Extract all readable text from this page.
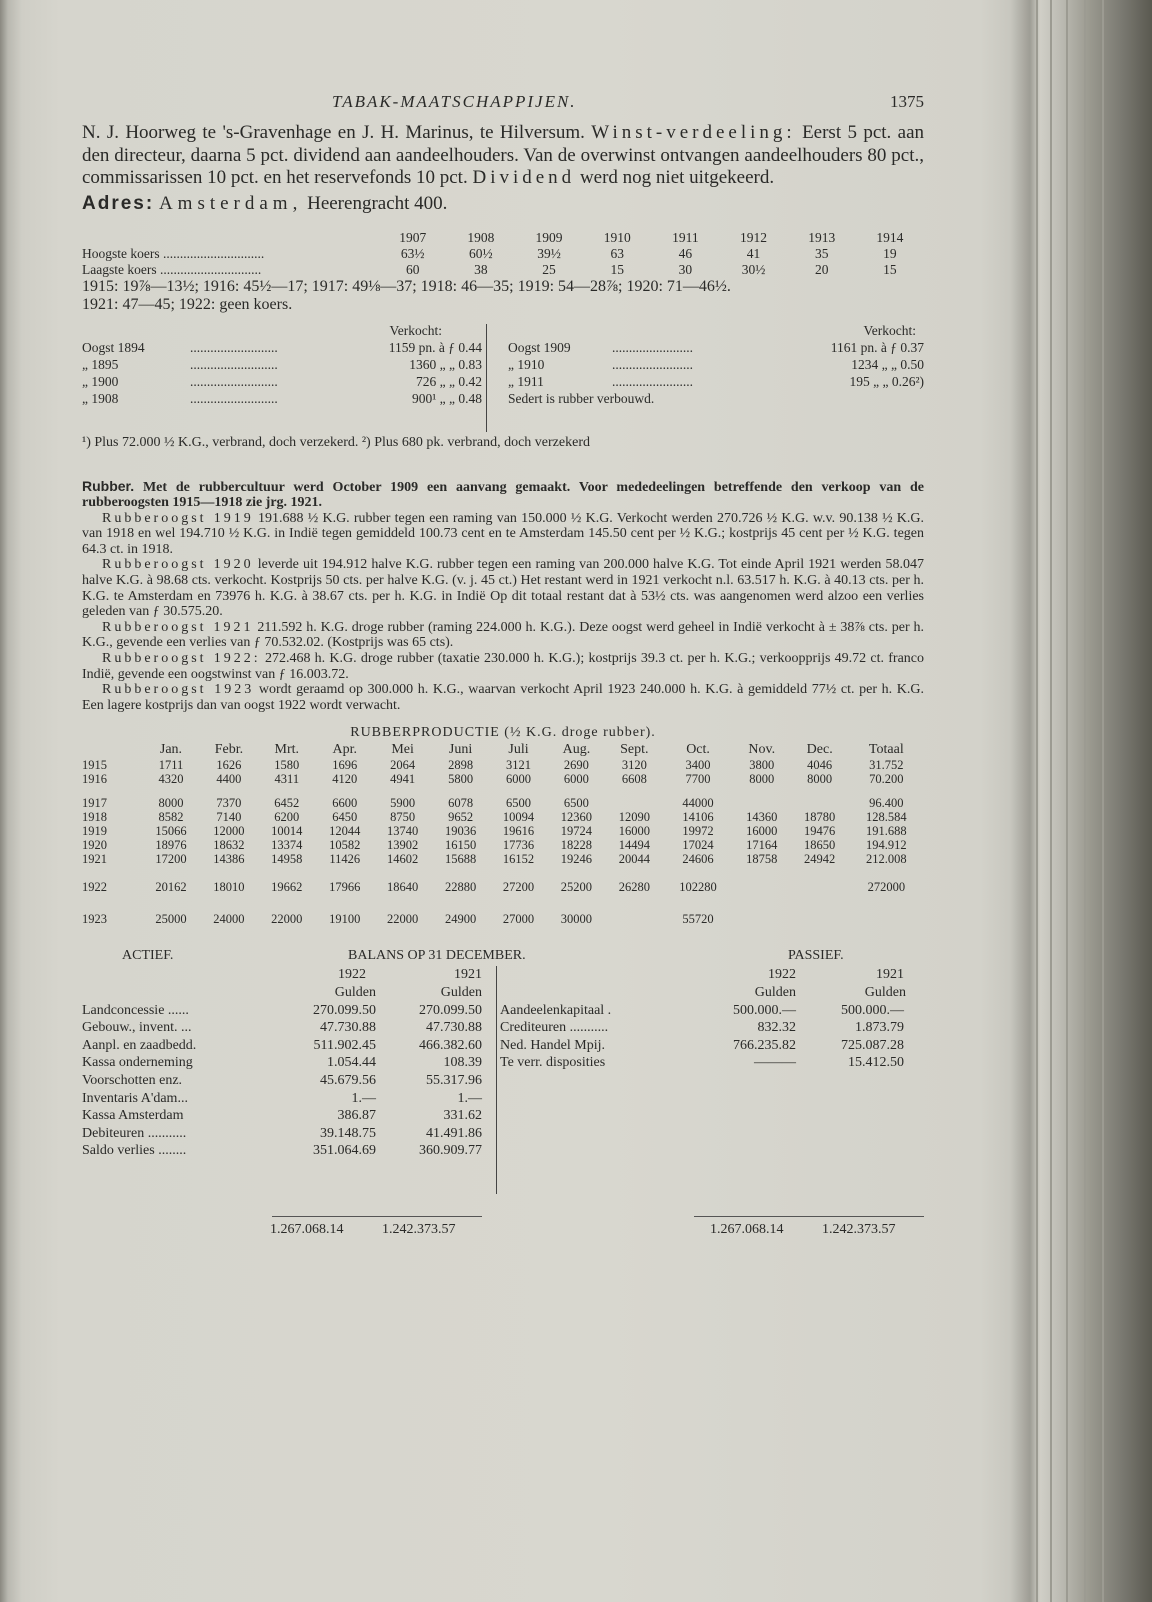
TABAK-MAATSCHAPPIJEN.	1375

N. J. Hoorweg te 's-Gravenhage en J. H. Marinus, te Hilversum. Winst-verdeeling: Eerst 5 pct. aan den directeur, daarna 5 pct. dividend aan aandeelhouders. Van de overwinst ontvangen aandeelhouders 80 pct., commissarissen 10 pct. en het reservefonds 10 pct. Dividend werd nog niet uitgekeerd.

Adres: Amsterdam, Heerengracht 400.

	1907	1908	1909	1910	1911	1912	1913	1914
Hoogste koers ..............................	63½	60½	39½	63	46	41	35	19
Laagste koers ..............................	60	38	25	15	30	30½	20	15
1915: 19⅞—13½; 1916: 45½—17; 1917: 49⅛—37; 1918: 46—35; 1919: 54—28⅞; 1920: 71—46½.
1921: 47—45; 1922: geen koers.
Verkocht:
Oogst 1894	..........................	1159 pn. à ƒ 0.44
„ 1895	..........................	1360 „ „ 0.83
„ 1900	..........................	726 „ „ 0.42
„ 1908	..........................	900¹ „ „ 0.48
Verkocht:
Oogst 1909	........................	1161 pn. à ƒ 0.37
„ 1910	........................	1234 „ „ 0.50
„ 1911	........................	195 „ „ 0.26²)
Sedert is rubber verbouwd.

¹) Plus 72.000 ½ K.G., verbrand, doch verzekerd. ²) Plus 680 pk. verbrand, doch verzekerd

Rubber. Met de rubbercultuur werd October 1909 een aanvang gemaakt. Voor mededeelingen betreffende den verkoop van de rubberoogsten 1915—1918 zie jrg. 1921.

Rubberoogst 1919 191.688 ½ K.G. rubber tegen een raming van 150.000 ½ K.G. Verkocht werden 270.726 ½ K.G. w.v. 90.138 ½ K.G. van 1918 en wel 194.710 ½ K.G. in Indië tegen gemiddeld 100.73 cent en te Amsterdam 145.50 cent per ½ K.G.; kostprijs 45 cent per ½ K.G. tegen 64.3 ct. in 1918.

Rubberoogst 1920 leverde uit 194.912 halve K.G. rubber tegen een raming van 200.000 halve K.G. Tot einde April 1921 werden 58.047 halve K.G. à 98.68 cts. verkocht. Kostprijs 50 cts. per halve K.G. (v. j. 45 ct.) Het restant werd in 1921 verkocht n.l. 63.517 h. K.G. à 40.13 cts. per h. K.G. te Amsterdam en 73976 h. K.G. à 38.67 cts. per h. K.G. in Indië Op dit totaal restant dat à 53½ cts. was aangenomen werd alzoo een verlies geleden van ƒ 30.575.20.

Rubberoogst 1921 211.592 h. K.G. droge rubber (raming 224.000 h. K.G.). Deze oogst werd geheel in Indië verkocht à ± 38⅞ cts. per h. K.G., gevende een verlies van ƒ 70.532.02. (Kostprijs was 65 cts).

Rubberoogst 1922: 272.468 h. K.G. droge rubber (taxatie 230.000 h. K.G.); kostprijs 39.3 ct. per h. K.G.; verkoopprijs 49.72 ct. franco Indië, gevende een oogstwinst van ƒ 16.003.72.

Rubberoogst 1923 wordt geraamd op 300.000 h. K.G., waarvan verkocht April 1923 240.000 h. K.G. à gemiddeld 77½ ct. per h. K.G. Een lagere kostprijs dan van oogst 1922 wordt verwacht.

RUBBERPRODUCTIE (½ K.G. droge rubber).
	Jan.	Febr.	Mrt.	Apr.	Mei	Juni	Juli	Aug.	Sept.	Oct.	Nov.	Dec.	Totaal
1915	1711	1626	1580	1696	2064	2898	3121	2690	3120	3400	3800	4046	31.752
1916	4320	4400	4311	4120	4941	5800	6000	6000	6608	7700	8000	8000	70.200

1917	8000	7370	6452	6600	5900	6078	6500	6500		44000			96.400
1918	8582	7140	6200	6450	8750	9652	10094	12360	12090	14106	14360	18780	128.584
1919	15066	12000	10014	12044	13740	19036	19616	19724	16000	19972	16000	19476	191.688
1920	18976	18632	13374	10582	13902	16150	17736	18228	14494	17024	17164	18650	194.912
1921	17200	14386	14958	11426	14602	15688	16152	19246	20044	24606	18758	24942	212.008

1922	20162	18010	19662	17966	18640	22880	27200	25200	26280	102280			272000

1923	25000	24000	22000	19100	22000	24900	27000	30000		55720			
ACTIEF.	BALANS OP 31 DECEMBER.	PASSIEF.
1922	1921
Gulden	Gulden
Landconcessie ......	270.099.50	270.099.50
Gebouw., invent. ...	47.730.88	47.730.88
Aanpl. en zaadbedd.	511.902.45	466.382.60
Kassa onderneming	1.054.44	108.39
Voorschotten enz.	45.679.56	55.317.96
Inventaris A'dam...	1.—	1.—
Kassa Amsterdam	386.87	331.62
Debiteuren ...........	39.148.75	41.491.86
Saldo verlies ........	351.064.69	360.909.77
1922	1921
Gulden	Gulden
Aandeelenkapitaal .	500.000.—	500.000.—
Crediteuren ...........	832.32	1.873.79
Ned. Handel Mpij.	766.235.82	725.087.28
Te verr. disposities	———	15.412.50
1.267.068.14	1.242.373.57	1.267.068.14	1.242.373.57
